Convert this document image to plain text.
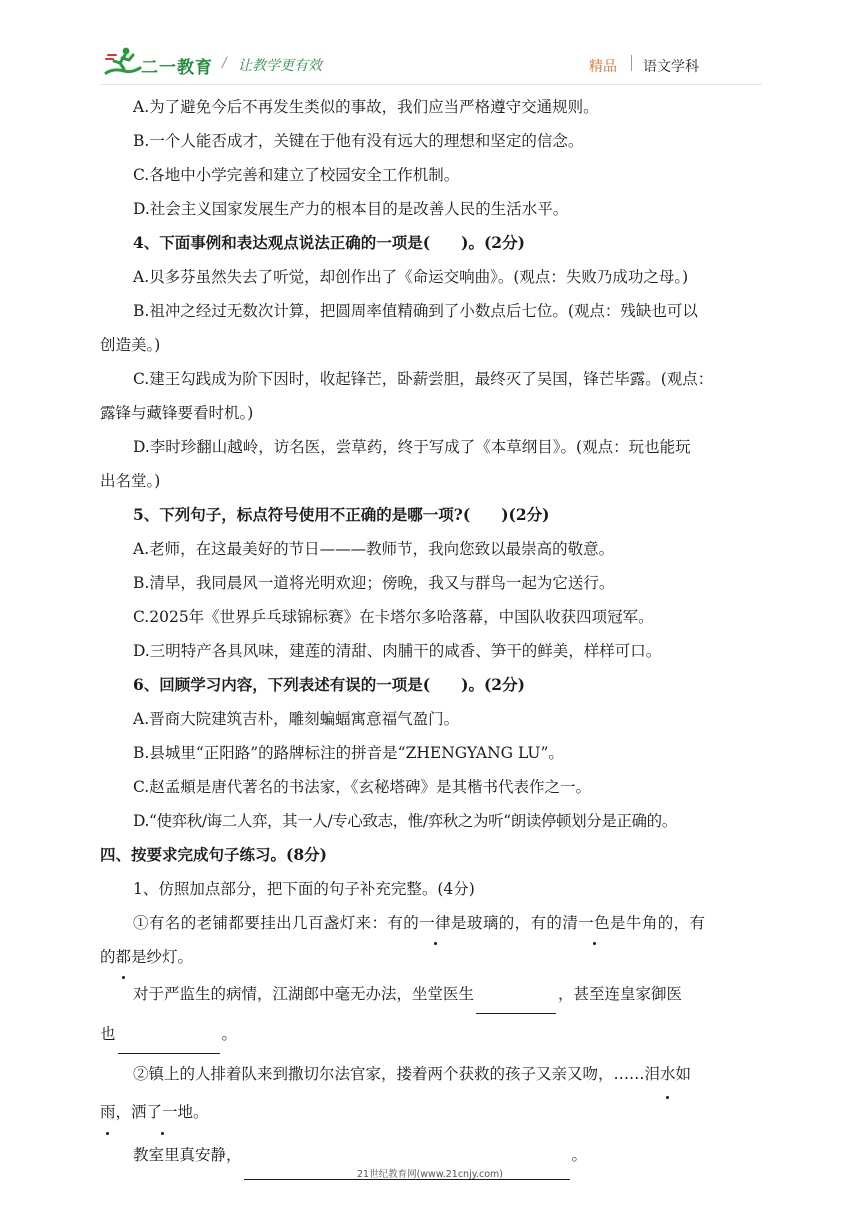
二一教育 / 让教学更有效	精品 语文学科
A.为了避免今后不再发生类似的事故，我们应当严格遵守交通规则。
B.一个人能否成才，关键在于他有没有远大的理想和坚定的信念。
C.各地中小学完善和建立了校园安全工作机制。
D.社会主义国家发展生产力的根本目的是改善人民的生活水平。
4、下面事例和表达观点说法正确的一项是(　　)。(2分)
A.贝多芬虽然失去了听觉，却创作出了《命运交响曲》。(观点：失败乃成功之母。)
B.祖冲之经过无数次计算，把圆周率值精确到了小数点后七位。(观点：残缺也可以
创造美。)
C.建王勾践成为阶下因时，收起锋芒，卧薪尝胆，最终灭了吴国，锋芒毕露。(观点：
露锋与藏锋要看时机。)
D.李时珍翻山越岭，访名医，尝草药，终于写成了《本草纲目》。(观点：玩也能玩
出名堂。)
5、下列句子，标点符号使用不正确的是哪一项?(　　)(2分)
A.老师，在这最美好的节日———教师节，我向您致以最崇高的敬意。
B.清早，我同晨风一道将光明欢迎；傍晚，我又与群鸟一起为它送行。
C.2025年《世界乒乓球锦标赛》在卡塔尔多哈落幕，中国队收获四项冠军。
D.三明特产各具风味，建莲的清甜、肉脯干的咸香、笋干的鲜美，样样可口。
6、回顾学习内容，下列表述有误的一项是(　　)。(2分)
A.晋商大院建筑吉朴，雕刻蝙蝠寓意福气盈门。
B.县城里“正阳路”的路牌标注的拼音是“ZHENGYANG LU”。
C.赵孟頫是唐代著名的书法家，《玄秘塔碑》是其楷书代表作之一。
D.“使弈秋/诲二人弈，其一人/专心致志，惟/弈秋之为听“朗读停顿划分是正确的。
四、按要求完成句子练习。(8分)
1、仿照加点部分，把下面的句子补充完整。(4分)
①有名的老铺都要挂出几百盏灯来：有的一律是玻璃的，有的清一色是牛角的，有
的都是纱灯。
对于严监生的病情，江湖郎中毫无办法，坐堂医生	，甚至连皇家御医
也	。
②镇上的人排着队来到撒切尔法官家，搂着两个获救的孩子又亲又吻，……泪水如
雨，洒了一地。
教室里真安静，	。
21世纪教育网(www.21cnjy.com)
